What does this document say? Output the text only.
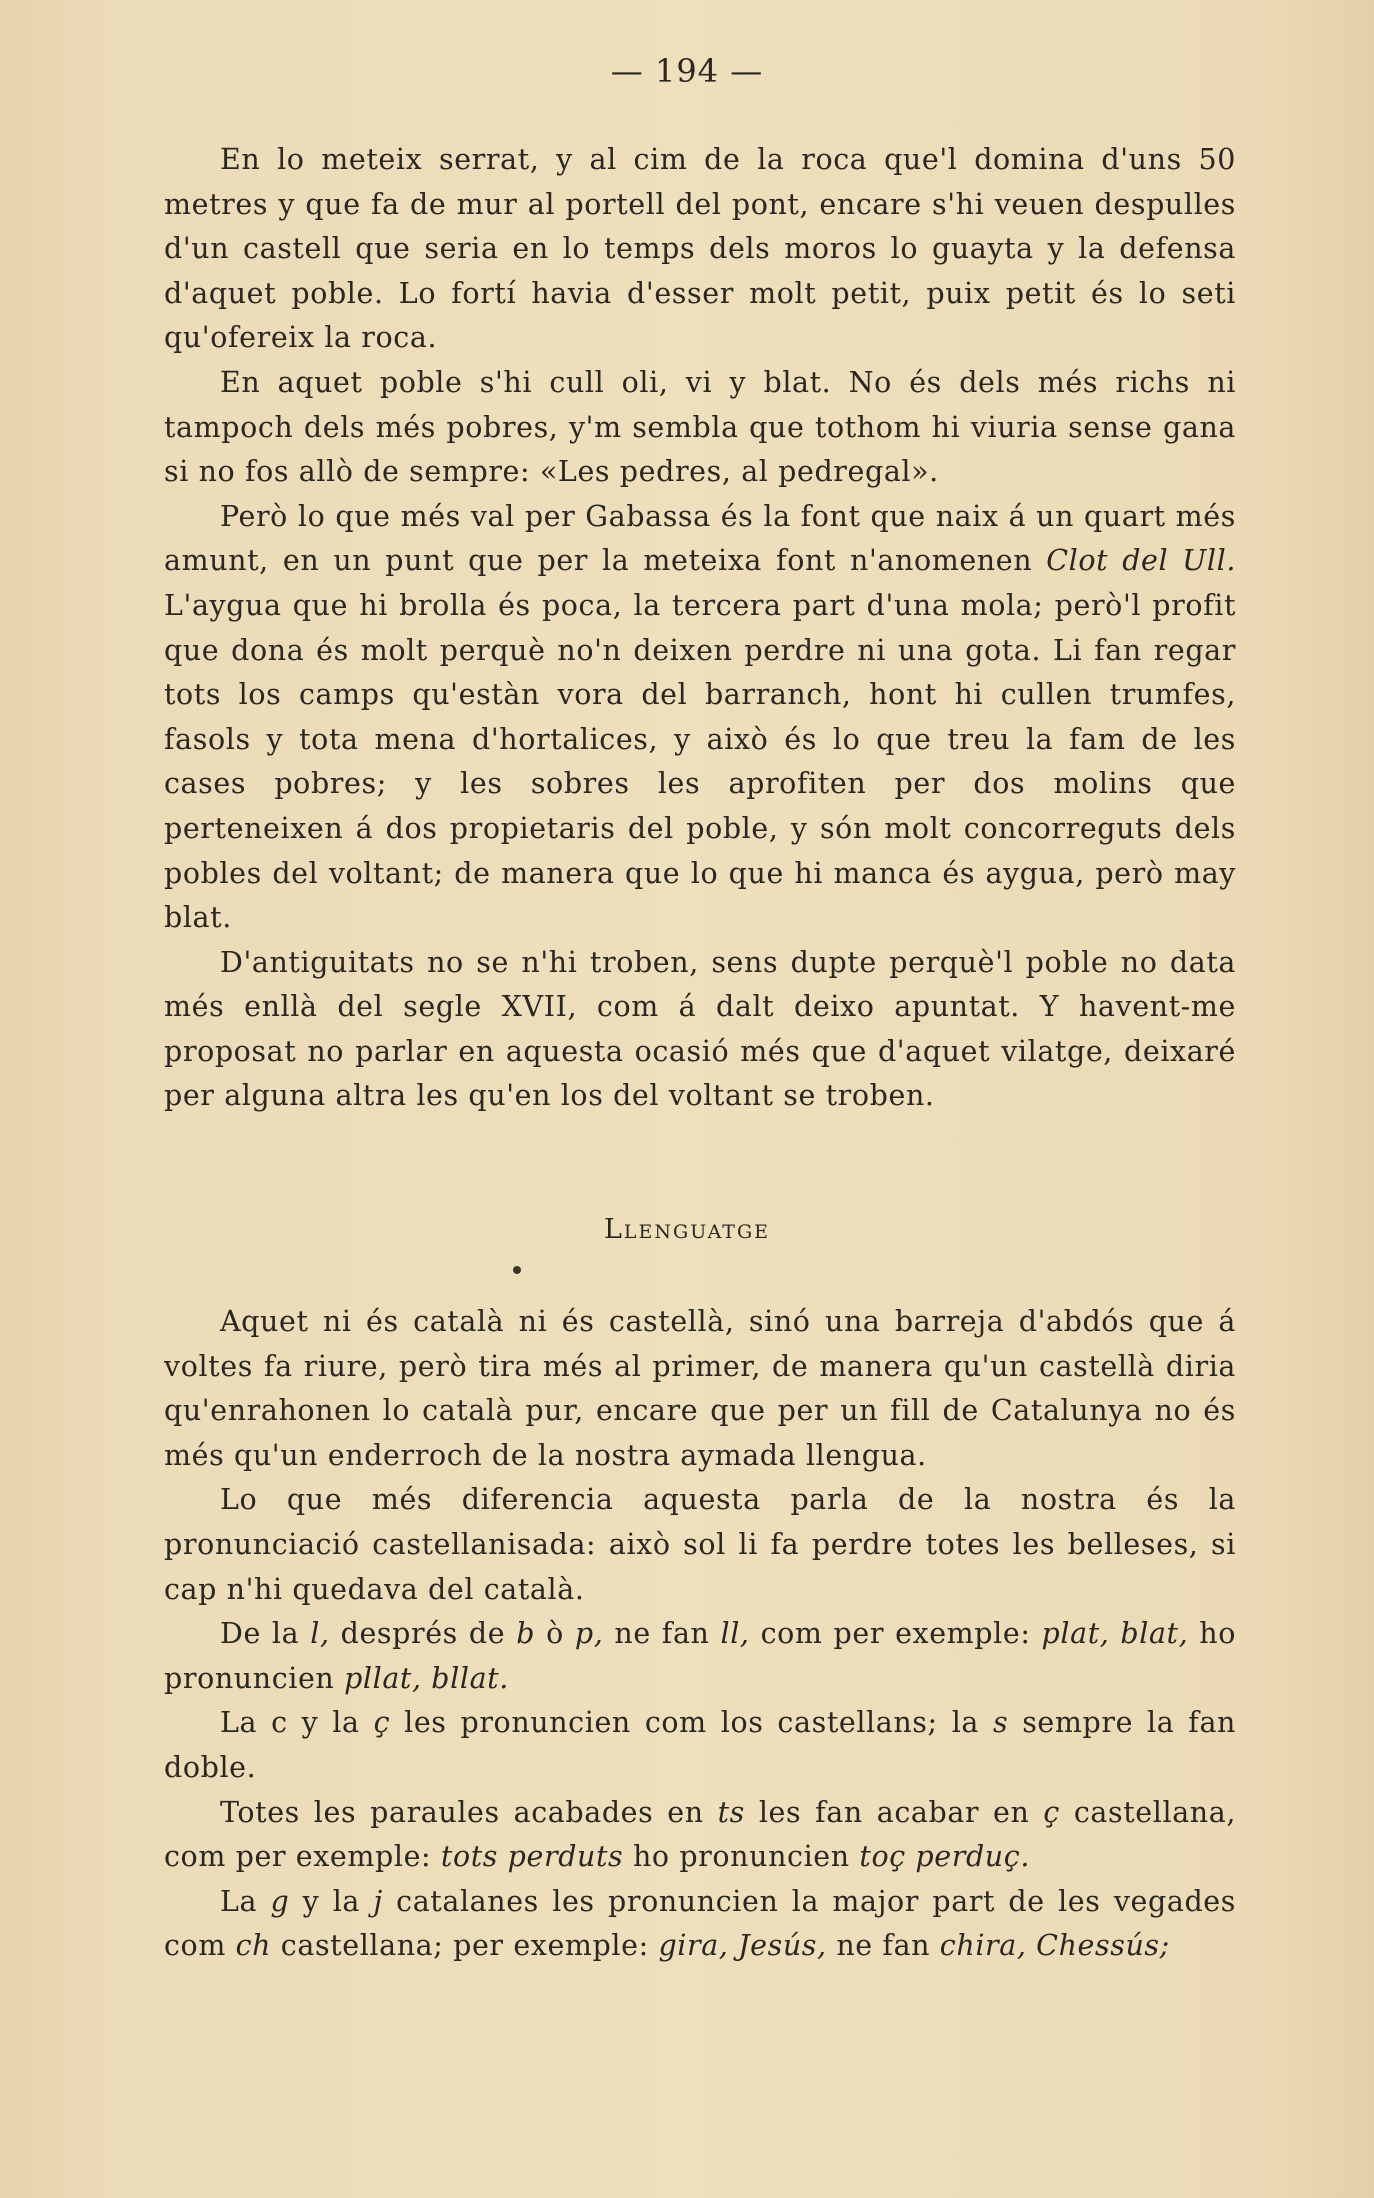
— 194 —

En lo meteix serrat, y al cim de la roca que'l domina d'uns 50 metres y que fa de mur al portell del pont, encare s'hi veuen despulles d'un castell que seria en lo temps dels moros lo guayta y la defensa d'aquet poble. Lo fortí havia d'esser molt petit, puix petit és lo seti qu'ofereix la roca.

En aquet poble s'hi cull oli, vi y blat. No és dels més richs ni tampoch dels més pobres, y'm sembla que tothom hi viuria sense gana si no fos allò de sempre: «Les pedres, al pedregal».

Però lo que més val per Gabassa és la font que naix á un quart més amunt, en un punt que per la meteixa font n'anomenen Clot del Ull. L'aygua que hi brolla és poca, la tercera part d'una mola; però'l profit que dona és molt perquè no'n deixen perdre ni una gota. Li fan regar tots los camps qu'estàn vora del barranch, hont hi cullen trumfes, fasols y tota mena d'hortalices, y això és lo que treu la fam de les cases pobres; y les sobres les aprofiten per dos molins que perteneixen á dos propietaris del poble, y són molt concorreguts dels pobles del voltant; de manera que lo que hi manca és aygua, però may blat.

D'antiguitats no se n'hi troben, sens dupte perquè'l poble no data més enllà del segle XVII, com á dalt deixo apuntat. Y havent-me proposat no parlar en aquesta ocasió més que d'aquet vilatge, deixaré per alguna altra les qu'en los del voltant se troben.

Llenguatge

Aquet ni és català ni és castellà, sinó una barreja d'abdós que á voltes fa riure, però tira més al primer, de manera qu'un castellà diria qu'enrahonen lo català pur, encare que per un fill de Catalunya no és més qu'un enderroch de la nostra aymada llengua.

Lo que més diferencia aquesta parla de la nostra és la pronunciació castellanisada: això sol li fa perdre totes les belleses, si cap n'hi quedava del català.

De la l, després de b ò p, ne fan ll, com per exemple: plat, blat, ho pronuncien pllat, bllat.

La c y la ç les pronuncien com los castellans; la s sempre la fan doble.

Totes les paraules acabades en ts les fan acabar en ç castellana, com per exemple: tots perduts ho pronuncien toç perduç.

La g y la j catalanes les pronuncien la major part de les vegades com ch castellana; per exemple: gira, Jesús, ne fan chira, Chessús;
